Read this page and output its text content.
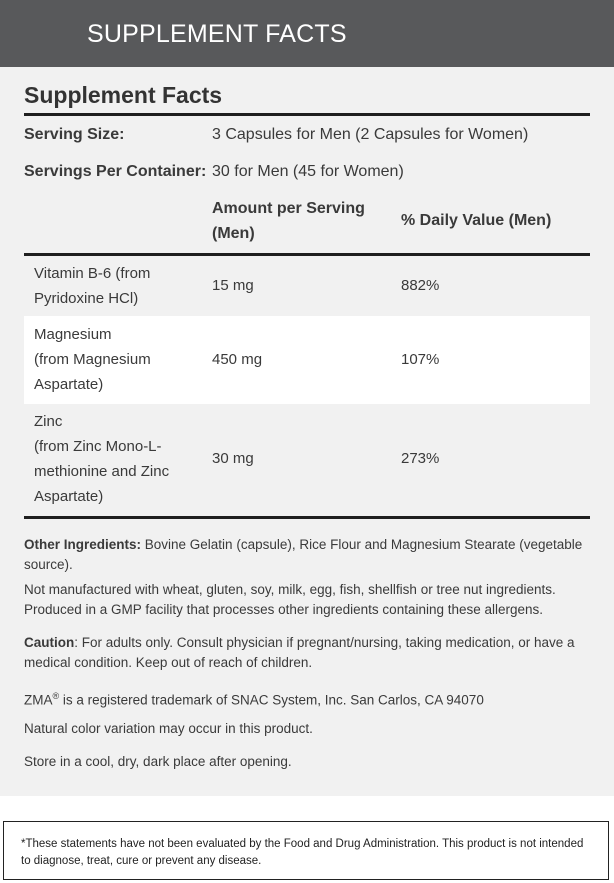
SUPPLEMENT FACTS
Supplement Facts
Serving Size:	3 Capsules for Men (2 Capsules for Women)
Servings Per Container: 30 for Men (45 for Women)
Amount per Serving (Men)
% Daily Value (Men)
Vitamin B-6 (from
Pyridoxine HCl)
15 mg	882%
Magnesium
(from Magnesium
Aspartate)
450 mg	107%
Zinc
(from Zinc Mono-L-
methionine and Zinc
Aspartate)
30 mg	273%
Other Ingredients: Bovine Gelatin (capsule), Rice Flour and Magnesium Stearate (vegetable source).
Not manufactured with wheat, gluten, soy, milk, egg, fish, shellfish or tree nut ingredients. Produced in a GMP facility that processes other ingredients containing these allergens.
Caution: For adults only. Consult physician if pregnant/nursing, taking medication, or have a medical condition. Keep out of reach of children.
ZMA® is a registered trademark of SNAC System, Inc. San Carlos, CA 94070
Natural color variation may occur in this product.
Store in a cool, dry, dark place after opening.
*These statements have not been evaluated by the Food and Drug Administration. This product is not intended to diagnose, treat, cure or prevent any disease.
